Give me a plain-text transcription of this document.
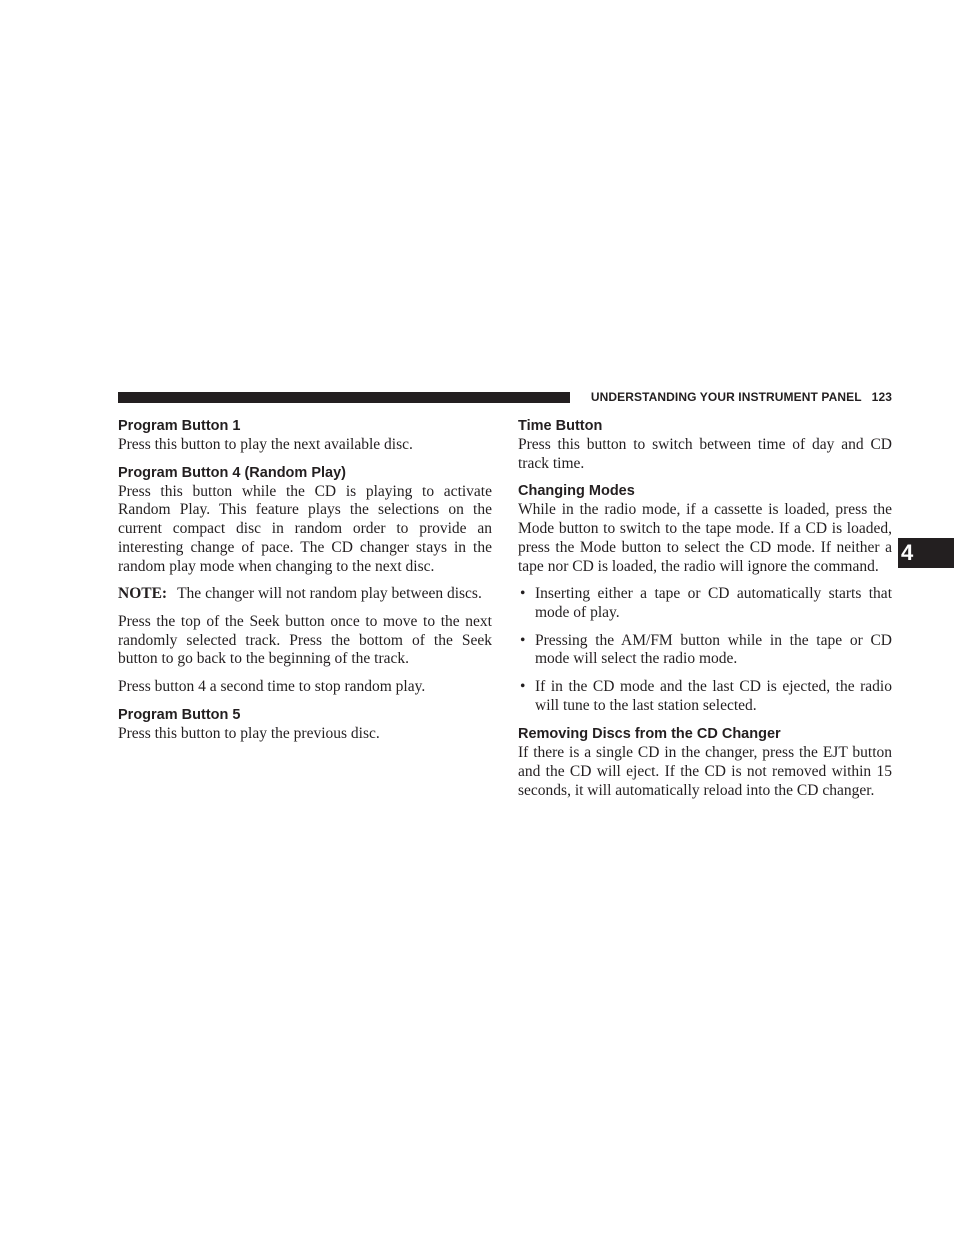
UNDERSTANDING YOUR INSTRUMENT PANEL 123
4
Program Button 1

Press this button to play the next available disc.

Program Button 4 (Random Play)

Press this button while the CD is playing to activate Random Play. This feature plays the selections on the current compact disc in random order to provide an interesting change of pace. The CD changer stays in the random play mode when changing to the next disc.

NOTE: The changer will not random play between discs.

Press the top of the Seek button once to move to the next randomly selected track. Press the bottom of the Seek button to go back to the beginning of the track.

Press button 4 a second time to stop random play.

Program Button 5

Press this button to play the previous disc.

Time Button

Press this button to switch between time of day and CD track time.

Changing Modes

While in the radio mode, if a cassette is loaded, press the Mode button to switch to the tape mode. If a CD is loaded, press the Mode button to select the CD mode. If neither a tape nor CD is loaded, the radio will ignore the command.

• Inserting either a tape or CD automatically starts that mode of play.
• Pressing the AM/FM button while in the tape or CD mode will select the radio mode.
• If in the CD mode and the last CD is ejected, the radio will tune to the last station selected.
Removing Discs from the CD Changer

If there is a single CD in the changer, press the EJT button and the CD will eject. If the CD is not removed within 15 seconds, it will automatically reload into the CD changer.
